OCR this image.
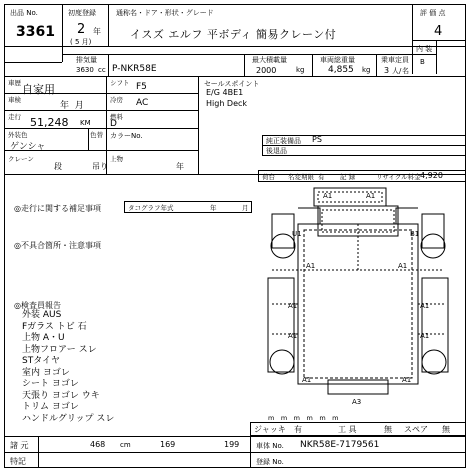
出品 No.
3361
初度登録
2 年
( 5 月)
通称名・ドア・形状・グレード
イスズ エルフ 平ボディ 簡易クレーン付
評 価 点
4
内 装
B
排気量
3630 cc P-NKR58E
最大積載量
2000	kg
車両総重量
4,855 kg
乗車定員
3 人/ 名
車歴 自家用	シフト F5
車検
年  月
冷房 AC
走行 51,248 KM
燃料
D
外装色
ゲンシャ
色替 カラーNo.
クレーン
段	吊り
上物
年
セールスポイント
E/G 4BE1
High Deck
純正装備品 PS
後退品
荷台 名変期限 有 記 録	リサイクル料金 4,920
◎走行に関する補足事項	タコグラフ年式	年	月
◎不具合箇所・注意事項
◎検査員報告
外装 AUS
Fガラス トビ 石
上物 A・U
上物フロアー スレ
STタイヤ
室内 ヨゴレ
シート ヨゴレ
天張り ヨゴレ ウキ
トリム ヨゴレ
ハンドルグリップ スレ
A1	A1
U1	B1
A1	A1
A1	A1
A1	A1
A1	A1
A3
m　m　m　m　m　m
ジャッキ 有	工 具	無 スペア 無
諸 元	468 cm	169	199
特記
車体 No. NKR58E-7179561
登録 No.
